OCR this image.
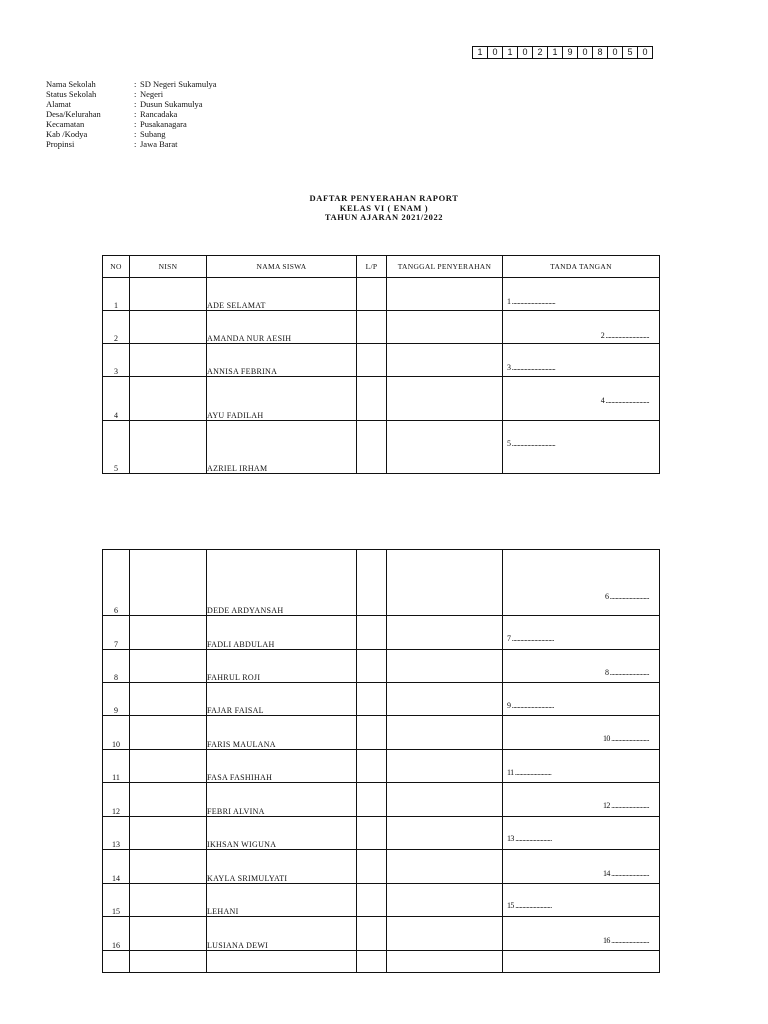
1	0	1	0	2	1	9	0	8	0	5	0
Nama Sekolah	: SD Negeri Sukamulya
Status Sekolah	: Negeri
Alamat	: Dusun Sukamulya
Desa/Kelurahan	: Rancadaka
Kecamatan	: Pusakanagara
Kab /Kodya	: Subang
Propinsi	: Jawa Barat
DAFTAR PENYERAHAN RAPORT
KELAS VI ( ENAM )
TAHUN AJARAN 2021/2022
NO	NISN	NAMA SISWA	L/P	TANGGAL PENYERAHAN	TANDA TANGAN
1		ADE SELAMAT			1 ...............................

2		AMANDA NUR AESIH			2 ...............................

3		ANNISA FEBRINA			3 ...............................

4		AYU FADILAH			4 ...............................

5		AZRIEL IRHAM			5 ...............................
6		DEDE ARDYANSAH			6 ............................

7		FADLI ABDULAH			7 ..............................

8		FAHRUL ROJI			8 ............................

9		FAJAR FAISAL			9 ..............................

10		FARIS MAULANA			10 ...........................

11		FASA FASHIHAH			11 ..........................

12		FEBRI ALVINA			12 ...........................

13		IKHSAN WIGUNA			13 ..........................

14		KAYLA SRIMULYATI			14 ...........................

15		LEHANI			15 ..........................

16		LUSIANA DEWI			16 ...........................
